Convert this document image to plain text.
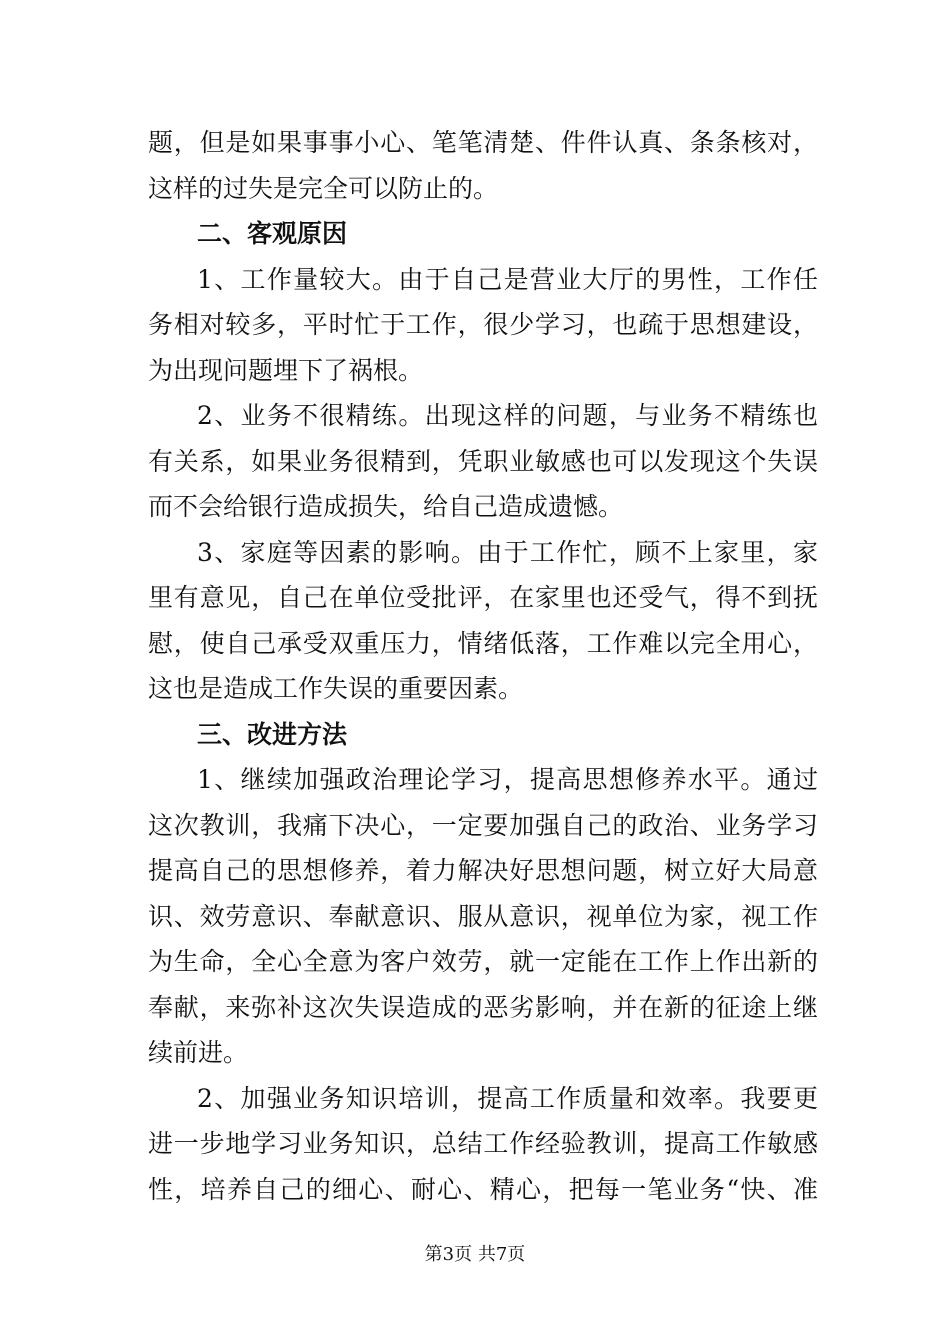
题，但是如果事事小心、笔笔清楚、件件认真、条条核对，
这样的过失是完全可以防止的。
二、客观原因
1、工作量较大。由于自己是营业大厅的男性，工作任
务相对较多，平时忙于工作，很少学习，也疏于思想建设，
为出现问题埋下了祸根。
2、业务不很精练。出现这样的问题，与业务不精练也
有关系，如果业务很精到，凭职业敏感也可以发现这个失误
而不会给银行造成损失，给自己造成遗憾。
3、家庭等因素的影响。由于工作忙，顾不上家里，家
里有意见，自己在单位受批评，在家里也还受气，得不到抚
慰，使自己承受双重压力，情绪低落，工作难以完全用心，
这也是造成工作失误的重要因素。
三、改进方法
1、继续加强政治理论学习，提高思想修养水平。通过
这次教训，我痛下决心，一定要加强自己的政治、业务学习
提高自己的思想修养，着力解决好思想问题，树立好大局意
识、效劳意识、奉献意识、服从意识，视单位为家，视工作
为生命，全心全意为客户效劳，就一定能在工作上作出新的
奉献，来弥补这次失误造成的恶劣影响，并在新的征途上继
续前进。
2、加强业务知识培训，提高工作质量和效率。我要更
进一步地学习业务知识，总结工作经验教训，提高工作敏感
性，培养自己的细心、耐心、精心，把每一笔业务“快、准
第3页 共7页
